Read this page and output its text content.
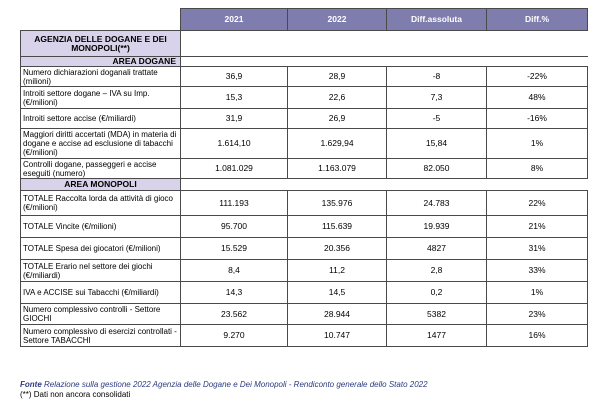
	2021	2022	Diff.assoluta	Diff.%
AGENZIA DELLE DOGANE E DEI MONOPOLI(**)				
AREA DOGANE				
Numero dichiarazioni doganali trattate (milioni)	36,9	28,9	-8	-22%
Introiti settore dogane – IVA su Imp. (€/milioni)	15,3	22,6	7,3	48%
Introiti settore accise (€/miliardi)	31,9	26,9	-5	-16%
Maggiori diritti accertati (MDA) in materia di dogane e accise ad esclusione di tabacchi (€/milioni)	1.614,10	1.629,94	15,84	1%
Controlli dogane, passeggeri e accise eseguiti (numero)	1.081.029	1.163.079	82.050	8%
AREA MONOPOLI				
TOTALE Raccolta lorda da attività di gioco (€/milioni)	111.193	135.976	24.783	22%
TOTALE Vincite (€/milioni)	95.700	115.639	19.939	21%
TOTALE Spesa dei giocatori (€/milioni)	15.529	20.356	4827	31%
TOTALE Erario nel settore dei giochi (€/miliardi)	8,4	11,2	2,8	33%
IVA e ACCISE sui Tabacchi (€/miliardi)	14,3	14,5	0,2	1%
Numero complessivo controlli - Settore GIOCHI	23.562	28.944	5382	23%
Numero complessivo di esercizi controllati - Settore TABACCHI	9.270	10.747	1477	16%
Fonte Relazione sulla gestione 2022 Agenzia delle Dogane e Dei Monopoli - Rendiconto generale dello Stato 2022
(**) Dati non ancora consolidati
